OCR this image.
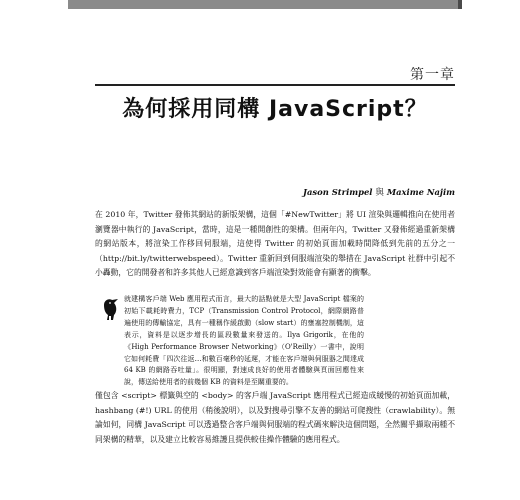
第一章
為何採用同構 JavaScript？
Jason Strimpel 與 Maxime Najim

在 2010 年，Twitter 發佈其網站的新版架構，這個「#NewTwitter」將 UI 渲染與邏輯推向在使用者瀏覽器中執行的 JavaScript，當時，這是一種開創性的架構。但兩年內，Twitter 又發佈經過重新架構的網站版本，將渲染工作移回伺服端，這使得 Twitter 的初始頁面加載時間降低到先前的五分之一（http://bit.ly/twitterwebspeed）。Twitter 重新回到伺服端渲染的舉措在 JavaScript 社群中引起不小轟動，它的開發者和許多其他人已經意識到客戶端渲染對效能會有顯著的衝擊。

就建構客戶端 Web 應用程式而言，最大的話點就是大型 JavaScript 檔案的初始下載耗時費力，TCP（Transmission Control Protocol，網際網路普遍使用的傳輸協定，具有一種稱作緩啟動（slow start）的壅塞控制機制，這表示，資料是以逐步增長的區段數量來發送的。Ilya Grigorik，在他的《High Performance Browser Networking》（O'Reilly）一書中，說明它如何耗費「四次往返…和數百毫秒的延遲，才能在客戶端與伺服器之間達成 64 KB 的網路吞吐量」。很明顯，對速成良好的使用者體驗與頁面回應性來說，傳送給使用者的前幾個 KB 的資料是至關重要的。

僅包含 <script> 標籤與空的 <body> 的客戶端 JavaScript 應用程式已經造成緩慢的初始頁面加載，hashbang (#!) URL 的使用（稍後說明），以及對搜尋引擎不友善的網站可爬搜性（crawlability）。無論如何，同構 JavaScript 可以透過整合客戶端與伺服端的程式碼來解決這個問題，全然關乎擷取兩種不同架構的精華，以及建立比較容易維護且提供較佳操作體驗的應用程式。
